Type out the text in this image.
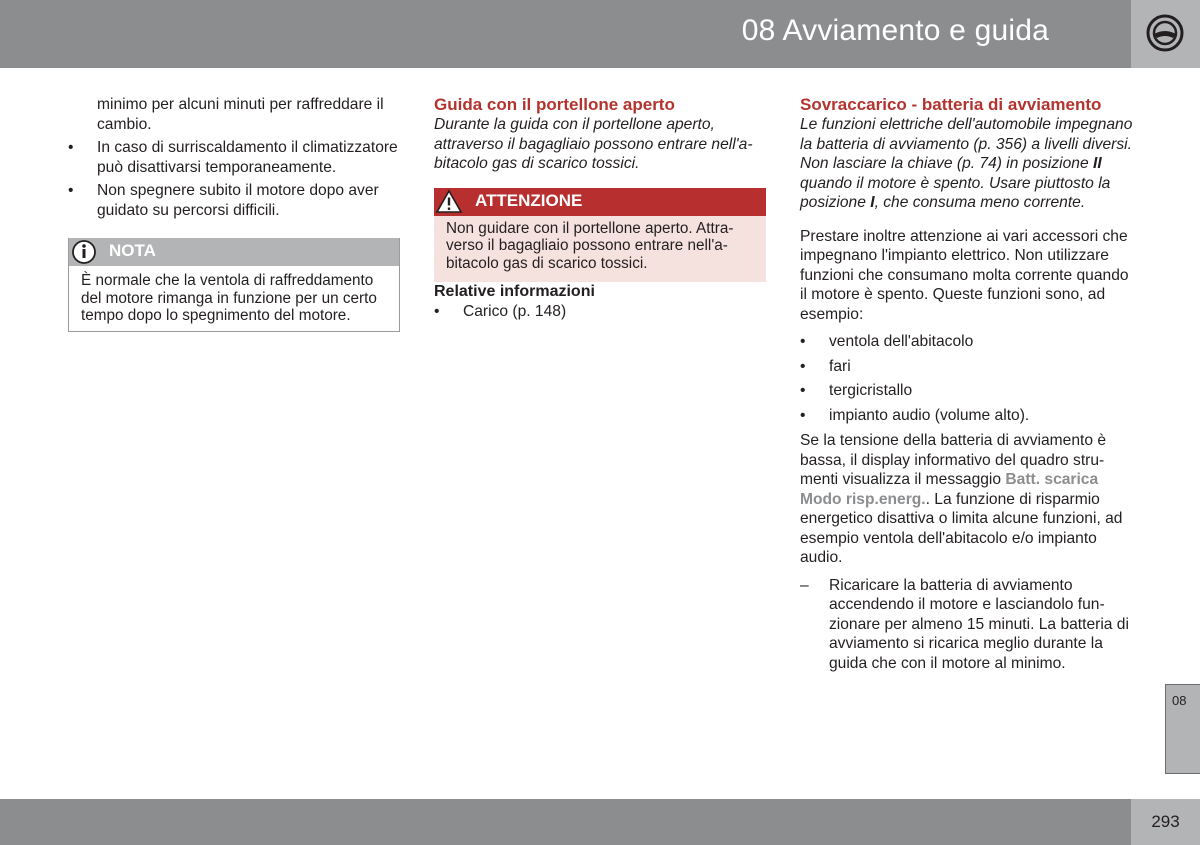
08 Avviamento e guida

minimo per alcuni minuti per raffreddare il cambio.

• In caso di surriscaldamento il climatizzatore può disattivarsi temporaneamente.
• Non spegnere subito il motore dopo aver guidato su percorsi difficili.
NOTA
È normale che la ventola di raffreddamento del motore rimanga in funzione per un certo tempo dopo lo spegnimento del motore.

Guida con il portellone aperto

Durante la guida con il portellone aperto, attraverso il bagagliaio possono entrare nell'abitacolo gas di scarico tossici.

ATTENZIONE
Non guidare con il portellone aperto. Attraverso il bagagliaio possono entrare nell'abitacolo gas di scarico tossici.

Relative informazioni

• Carico (p. 148)

Sovraccarico - batteria di avviamento

Le funzioni elettriche dell'automobile impegnano la batteria di avviamento (p. 356) a livelli diversi. Non lasciare la chiave (p. 74) in posizione II quando il motore è spento. Usare piuttosto la posizione I, che consuma meno corrente.

Prestare inoltre attenzione ai vari accessori che impegnano l'impianto elettrico. Non utilizzare funzioni che consumano molta corrente quando il motore è spento. Queste funzioni sono, ad esempio:

• ventola dell'abitacolo
• fari
• tergicristallo
• impianto audio (volume alto).

Se la tensione della batteria di avviamento è bassa, il display informativo del quadro strumenti visualizza il messaggio Batt. scarica Modo risp.energ.. La funzione di risparmio energetico disattiva o limita alcune funzioni, ad esempio ventola dell'abitacolo e/o impianto audio.

– Ricaricare la batteria di avviamento accendendo il motore e lasciandolo funzionare per almeno 15 minuti. La batteria di avviamento si ricarica meglio durante la guida che con il motore al minimo.
08
293
